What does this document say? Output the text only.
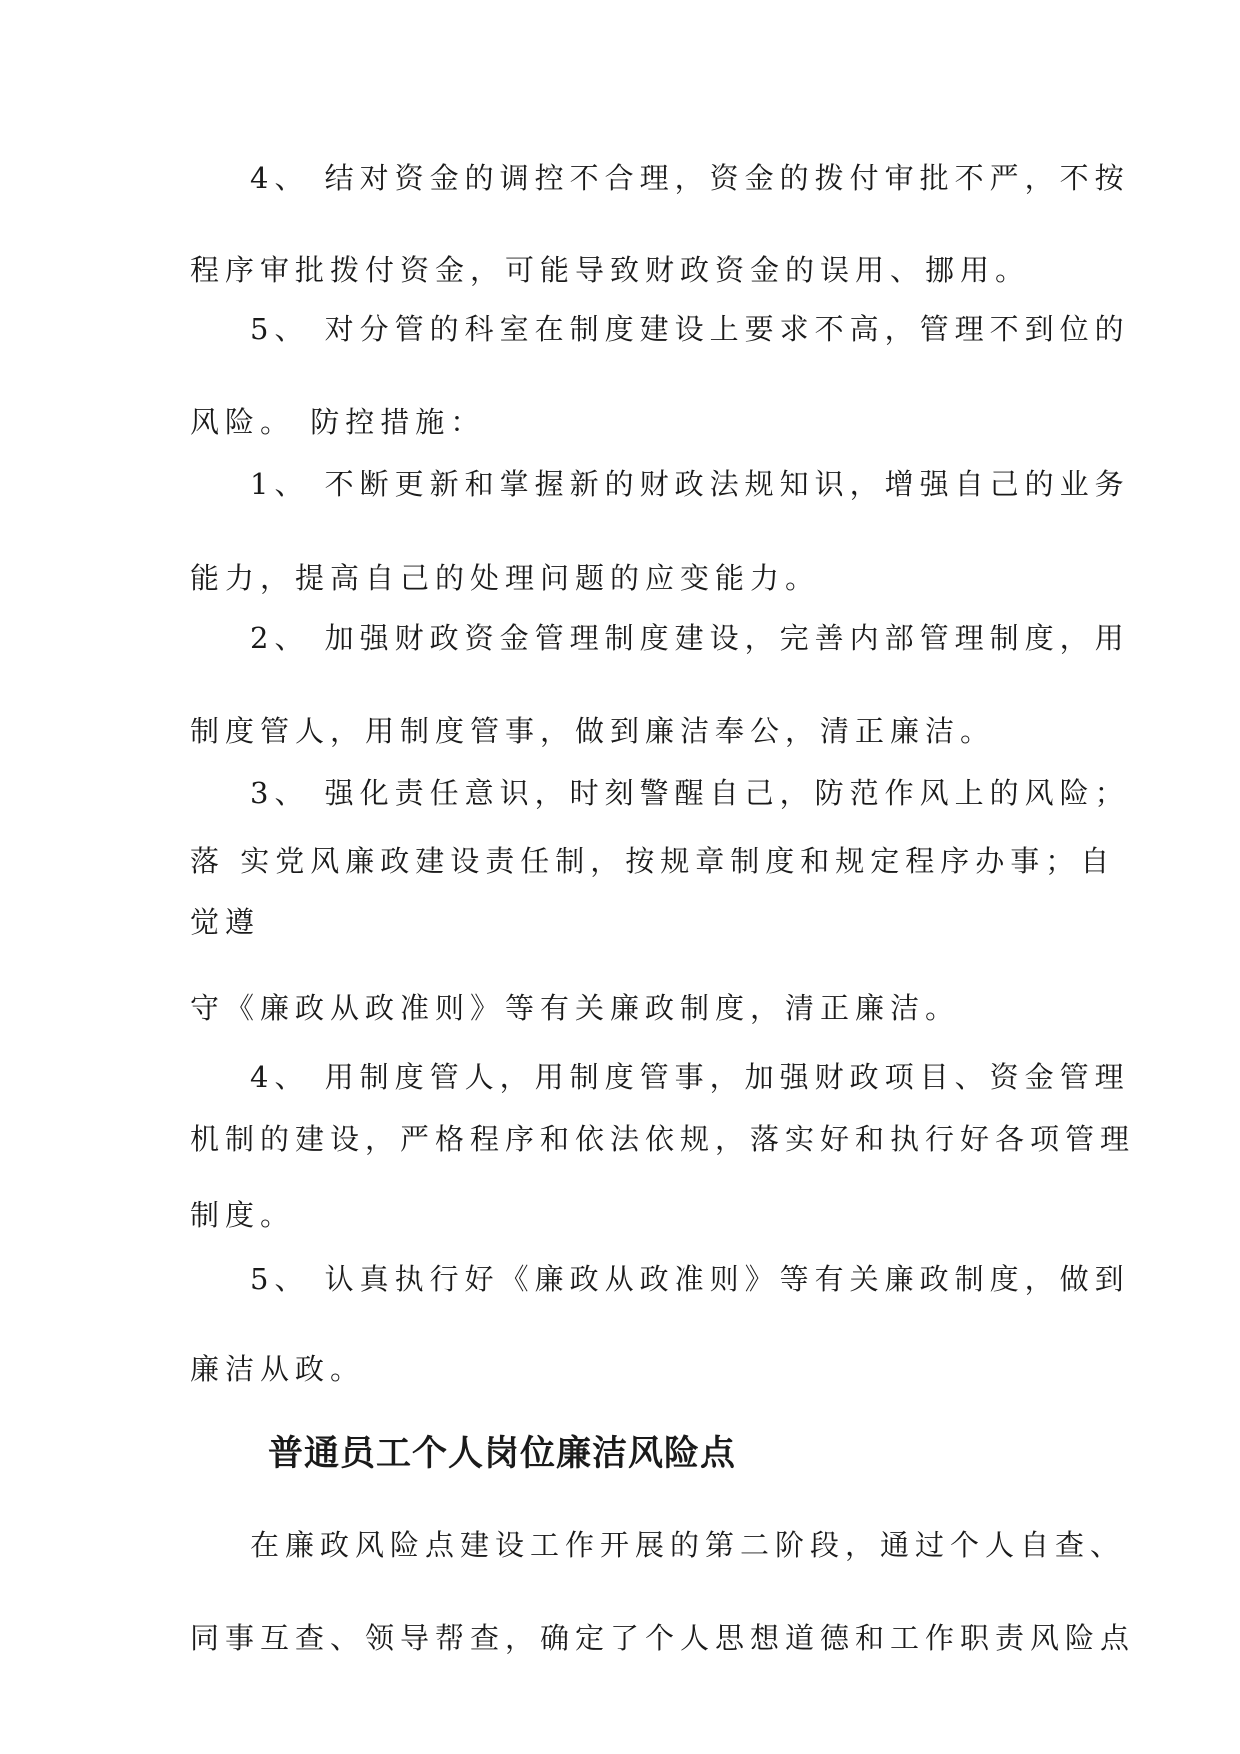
4、 结对资金的调控不合理，资金的拨付审批不严，不按
程序审批拨付资金，可能导致财政资金的误用、挪用。
5、 对分管的科室在制度建设上要求不高，管理不到位的
风险。 防控措施：
1、 不断更新和掌握新的财政法规知识，增强自己的业务
能力，提高自己的处理问题的应变能力。
2、 加强财政资金管理制度建设，完善内部管理制度，用
制度管人，用制度管事，做到廉洁奉公，清正廉洁。
3、 强化责任意识，时刻警醒自己，防范作风上的风险；
落 实党风廉政建设责任制，按规章制度和规定程序办事；自
觉遵
守《廉政从政准则》等有关廉政制度，清正廉洁。
4、 用制度管人，用制度管事，加强财政项目、资金管理
机制的建设，严格程序和依法依规，落实好和执行好各项管理
制度。
5、 认真执行好《廉政从政准则》等有关廉政制度，做到
廉洁从政。
普通员工个人岗位廉洁风险点
在廉政风险点建设工作开展的第二阶段，通过个人自查、
同事互查、领导帮查，确定了个人思想道德和工作职责风险点
